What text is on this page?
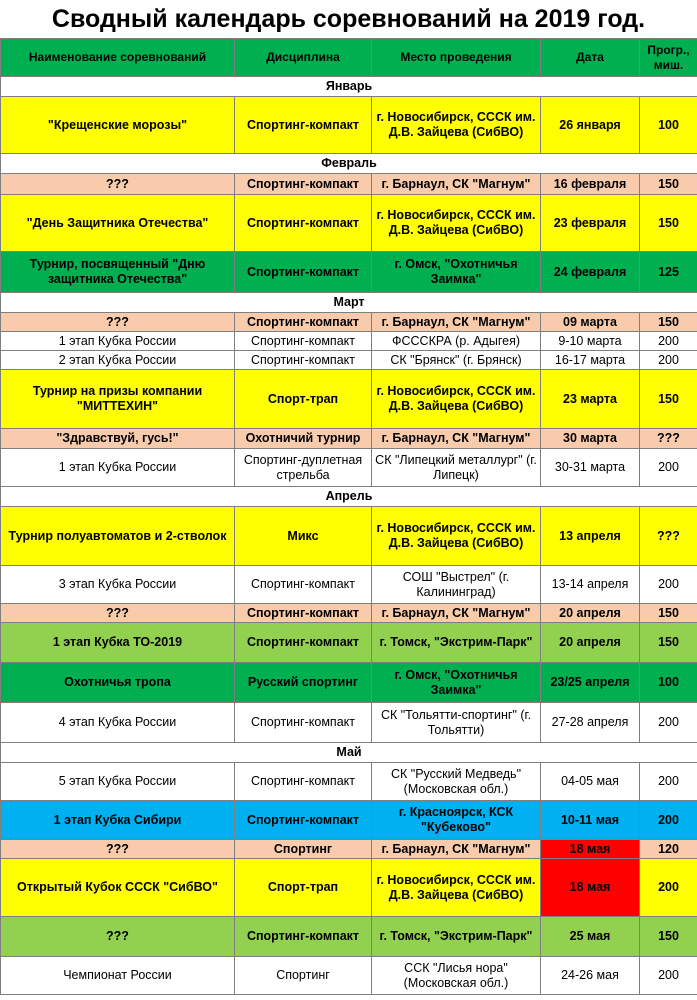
Сводный календарь соревнований на 2019 год.
Наименование соревнований	Дисциплина	Место проведения	Дата	Прогр., миш.
Январь				
"Крещенские морозы"	Спортинг-компакт	г. Новосибирск, СССК им. Д.В. Зайцева (СибВО)	26 января	100
Февраль				
???	Спортинг-компакт	г. Барнаул, СК "Магнум"	16 февраля	150
"День Защитника Отечества"	Спортинг-компакт	г. Новосибирск, СССК им. Д.В. Зайцева (СибВО)	23 февраля	150
Турнир, посвященный "Дню защитника Отечества"	Спортинг-компакт	г. Омск, "Охотничья Заимка"	24 февраля	125
Март				
???	Спортинг-компакт	г. Барнаул, СК "Магнум"	09 марта	150
1 этап Кубка России	Спортинг-компакт	ФСССКРА (р. Адыгея)	9-10 марта	200
2 этап Кубка России	Спортинг-компакт	СК "Брянск" (г. Брянск)	16-17 марта	200
Турнир на призы компании "МИТТЕХИН"	Спорт-трап	г. Новосибирск, СССК им. Д.В. Зайцева (СибВО)	23 марта	150
"Здравствуй, гусь!"	Охотничий турнир	г. Барнаул, СК "Магнум"	30 марта	???
1 этап Кубка России	Спортинг-дуплетная стрельба	СК "Липецкий металлург" (г. Липецк)	30-31 марта	200
Апрель				
Турнир полуавтоматов и 2-стволок	Микс	г. Новосибирск, СССК им. Д.В. Зайцева (СибВО)	13 апреля	???
3 этап Кубка России	Спортинг-компакт	СОШ "Выстрел" (г. Калининград)	13-14 апреля	200
???	Спортинг-компакт	г. Барнаул, СК "Магнум"	20 апреля	150
1 этап Кубка ТО-2019	Спортинг-компакт	г. Томск, "Экстрим-Парк"	20 апреля	150
Охотничья тропа	Русский спортинг	г. Омск, "Охотничья Заимка"	23/25 апреля	100
4 этап Кубка России	Спортинг-компакт	СК "Тольятти-спортинг" (г. Тольятти)	27-28 апреля	200
Май				
5 этап Кубка России	Спортинг-компакт	СК "Русский Медведь" (Московская обл.)	04-05 мая	200
1 этап Кубка Сибири	Спортинг-компакт	г. Красноярск, КСК "Кубеково"	10-11 мая	200
???	Спортинг	г. Барнаул, СК "Магнум"	18 мая	120
Открытый Кубок СССК "СибВО"	Спорт-трап	г. Новосибирск, СССК им. Д.В. Зайцева (СибВО)	18 мая	200
???	Спортинг-компакт	г. Томск, "Экстрим-Парк"	25 мая	150
Чемпионат России	Спортинг	ССК "Лисья нора" (Московская обл.)	24-26 мая	200
